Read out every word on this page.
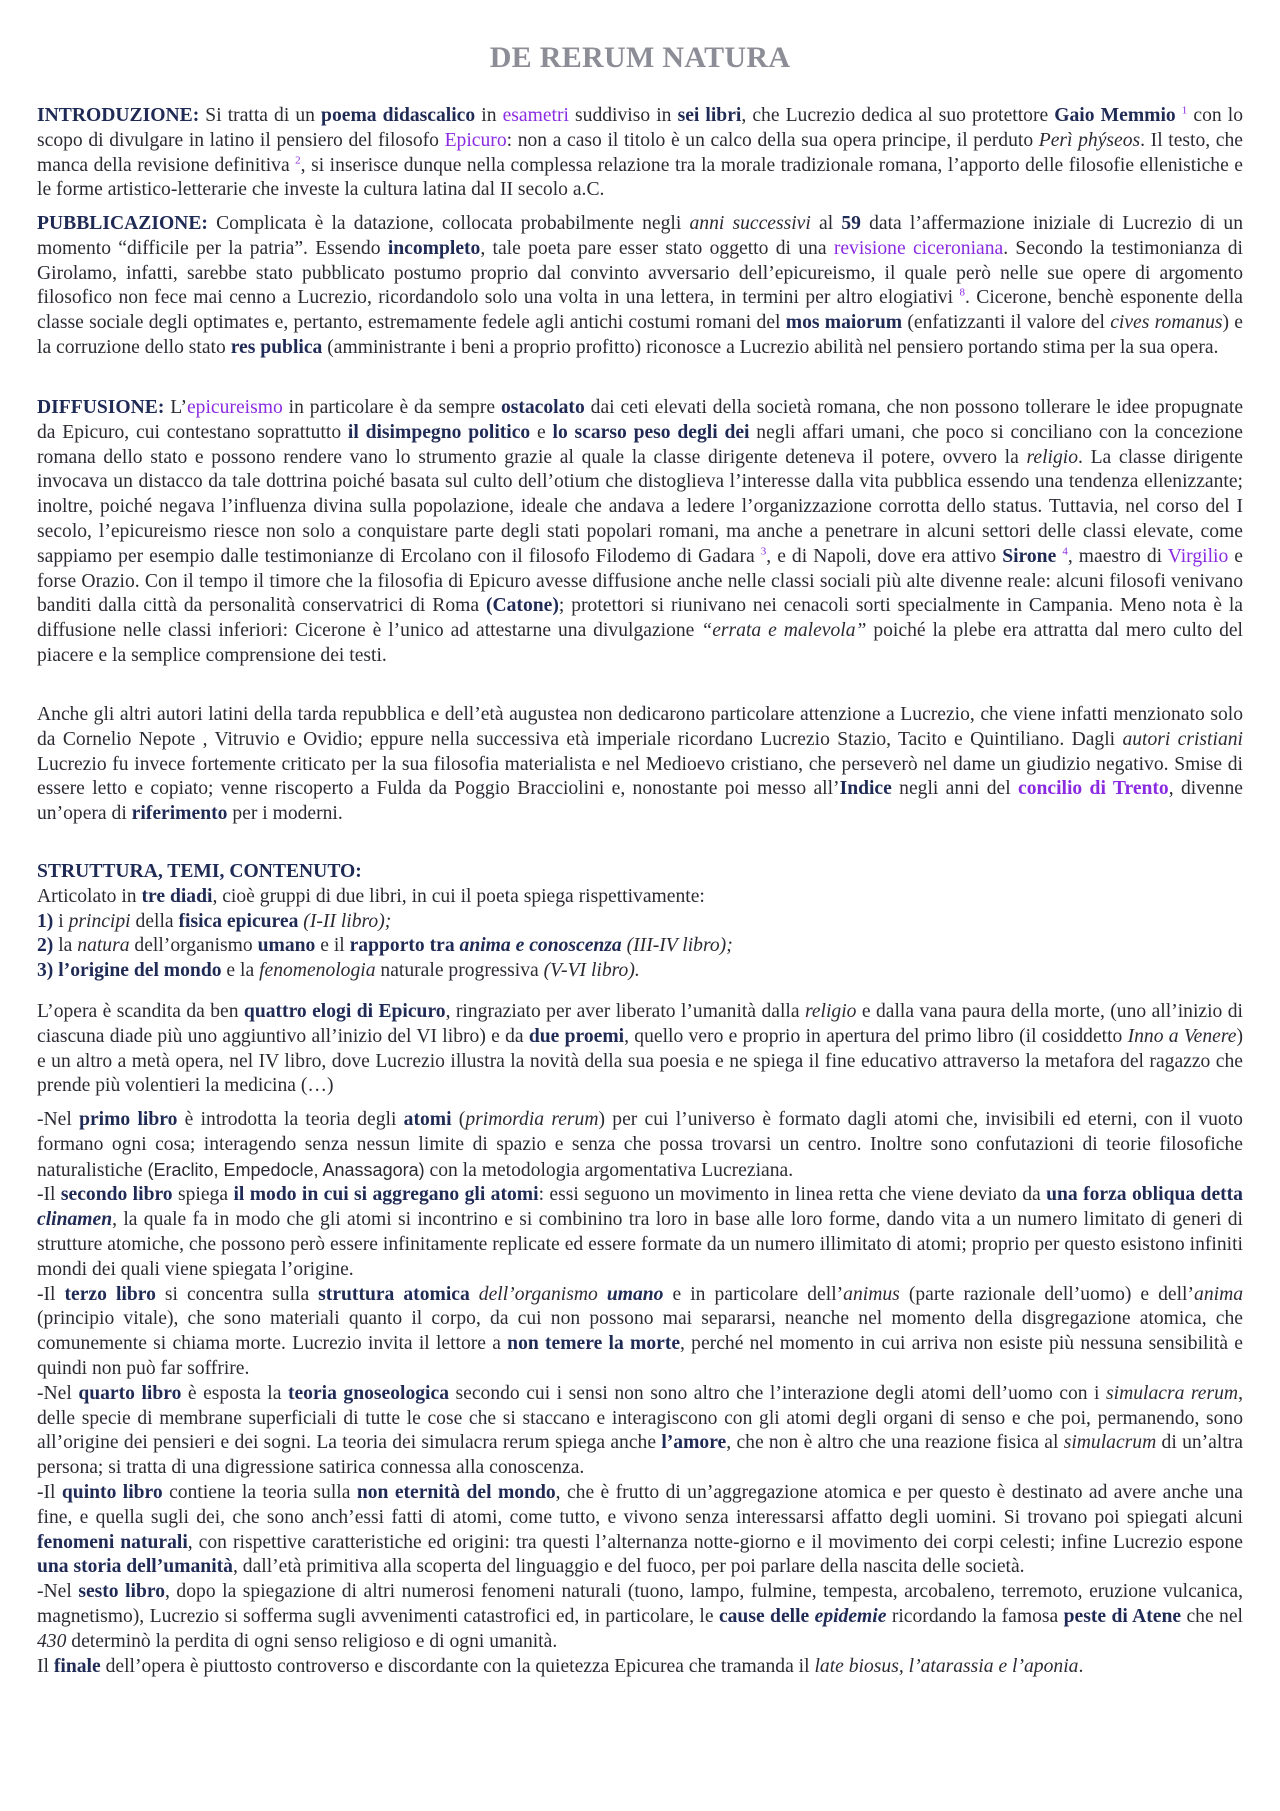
DE RERUM NATURA

INTRODUZIONE: Si tratta di un poema didascalico in esametri suddiviso in sei libri, che Lucrezio dedica al suo protettore Gaio Memmio $^1$ con lo scopo di divulgare in latino il pensiero del filosofo Epicuro: non a caso il titolo è un calco della sua opera principe, il perduto Perì phýseos. Il testo, che manca della revisione definitiva $^2$, si inserisce dunque nella complessa relazione tra la morale tradizionale romana, l’apporto delle filosofie ellenistiche e le forme artistico-letterarie che investe la cultura latina dal II secolo a.C.

PUBBLICAZIONE: Complicata è la datazione, collocata probabilmente negli anni successivi al 59 data l’affermazione iniziale di Lucrezio di un momento “difficile per la patria”. Essendo incompleto, tale poeta pare esser stato oggetto di una revisione ciceroniana. Secondo la testimonianza di Girolamo, infatti, sarebbe stato pubblicato postumo proprio dal convinto avversario dell’epicureismo, il quale però nelle sue opere di argomento filosofico non fece mai cenno a Lucrezio, ricordandolo solo una volta in una lettera, in termini per altro elogiativi $^8$. Cicerone, benchè esponente della classe sociale degli optimates e, pertanto, estremamente fedele agli antichi costumi romani del mos maiorum (enfatizzanti il valore del cives romanus) e la corruzione dello stato res publica (amministrante i beni a proprio profitto) riconosce a Lucrezio abilità nel pensiero portando stima per la sua opera.

DIFFUSIONE: L’epicureismo in particolare è da sempre ostacolato dai ceti elevati della società romana, che non possono tollerare le idee propugnate da Epicuro, cui contestano soprattutto il disimpegno politico e lo scarso peso degli dei negli affari umani, che poco si conciliano con la concezione romana dello stato e possono rendere vano lo strumento grazie al quale la classe dirigente deteneva il potere, ovvero la religio. La classe dirigente invocava un distacco da tale dottrina poiché basata sul culto dell’otium che distoglieva l’interesse dalla vita pubblica essendo una tendenza ellenizzante; inoltre, poiché negava l’influenza divina sulla popolazione, ideale che andava a ledere l’organizzazione corrotta dello status. Tuttavia, nel corso del I secolo, l’epicureismo riesce non solo a conquistare parte degli stati popolari romani, ma anche a penetrare in alcuni settori delle classi elevate, come sappiamo per esempio dalle testimonianze di Ercolano con il filosofo Filodemo di Gadara $^3$, e di Napoli, dove era attivo Sirone $^4$, maestro di Virgilio e forse Orazio. Con il tempo il timore che la filosofia di Epicuro avesse diffusione anche nelle classi sociali più alte divenne reale: alcuni filosofi venivano banditi dalla città da personalità conservatrici di Roma (Catone); protettori si riunivano nei cenacoli sorti specialmente in Campania. Meno nota è la diffusione nelle classi inferiori: Cicerone è l’unico ad attestarne una divulgazione “errata e malevola” poiché la plebe era attratta dal mero culto del piacere e la semplice comprensione dei testi.

Anche gli altri autori latini della tarda repubblica e dell’età augustea non dedicarono particolare attenzione a Lucrezio, che viene infatti menzionato solo da Cornelio Nepote , Vitruvio e Ovidio; eppure nella successiva età imperiale ricordano Lucrezio Stazio, Tacito e Quintiliano. Dagli autori cristiani Lucrezio fu invece fortemente criticato per la sua filosofia materialista e nel Medioevo cristiano, che perseverò nel dame un giudizio negativo. Smise di essere letto e copiato; venne riscoperto a Fulda da Poggio Bracciolini e, nonostante poi messo all’Indice negli anni del concilio di Trento, divenne un’opera di riferimento per i moderni.

STRUTTURA, TEMI, CONTENUTO:
Articolato in tre diadi, cioè gruppi di due libri, in cui il poeta spiega rispettivamente:
1) i principi della fisica epicurea (I-II libro);
2) la natura dell’organismo umano e il rapporto tra anima e conoscenza (III-IV libro);
3) l’origine del mondo e la fenomenologia naturale progressiva (V-VI libro).

L’opera è scandita da ben quattro elogi di Epicuro, ringraziato per aver liberato l’umanità dalla religio e dalla vana paura della morte, (uno all’inizio di ciascuna diade più uno aggiuntivo all’inizio del VI libro) e da due proemi, quello vero e proprio in apertura del primo libro (il cosiddetto Inno a Venere) e un altro a metà opera, nel IV libro, dove Lucrezio illustra la novità della sua poesia e ne spiega il fine educativo attraverso la metafora del ragazzo che prende più volentieri la medicina (…)

-Nel primo libro è introdotta la teoria degli atomi (primordia rerum) per cui l’universo è formato dagli atomi che, invisibili ed eterni, con il vuoto formano ogni cosa; interagendo senza nessun limite di spazio e senza che possa trovarsi un centro. Inoltre sono confutazioni di teorie filosofiche naturalistiche (Eraclito, Empedocle, Anassagora) con la metodologia argomentativa Lucreziana.

-Il secondo libro spiega il modo in cui si aggregano gli atomi: essi seguono un movimento in linea retta che viene deviato da una forza obliqua detta clinamen, la quale fa in modo che gli atomi si incontrino e si combinino tra loro in base alle loro forme, dando vita a un numero limitato di generi di strutture atomiche, che possono però essere infinitamente replicate ed essere formate da un numero illimitato di atomi; proprio per questo esistono infiniti mondi dei quali viene spiegata l’origine.

-Il terzo libro si concentra sulla struttura atomica dell’organismo umano e in particolare dell’animus (parte razionale dell’uomo) e dell’anima (principio vitale), che sono materiali quanto il corpo, da cui non possono mai separarsi, neanche nel momento della disgregazione atomica, che comunemente si chiama morte. Lucrezio invita il lettore a non temere la morte, perché nel momento in cui arriva non esiste più nessuna sensibilità e quindi non può far soffrire.

-Nel quarto libro è esposta la teoria gnoseologica secondo cui i sensi non sono altro che l’interazione degli atomi dell’uomo con i simulacra rerum, delle specie di membrane superficiali di tutte le cose che si staccano e interagiscono con gli atomi degli organi di senso e che poi, permanendo, sono all’origine dei pensieri e dei sogni. La teoria dei simulacra rerum spiega anche l’amore, che non è altro che una reazione fisica al simulacrum di un’altra persona; si tratta di una digressione satirica connessa alla conoscenza.

-Il quinto libro contiene la teoria sulla non eternità del mondo, che è frutto di un’aggregazione atomica e per questo è destinato ad avere anche una fine, e quella sugli dei, che sono anch’essi fatti di atomi, come tutto, e vivono senza interessarsi affatto degli uomini. Si trovano poi spiegati alcuni fenomeni naturali, con rispettive caratteristiche ed origini: tra questi l’alternanza notte-giorno e il movimento dei corpi celesti; infine Lucrezio espone una storia dell’umanità, dall’età primitiva alla scoperta del linguaggio e del fuoco, per poi parlare della nascita delle società.

-Nel sesto libro, dopo la spiegazione di altri numerosi fenomeni naturali (tuono, lampo, fulmine, tempesta, arcobaleno, terremoto, eruzione vulcanica, magnetismo), Lucrezio si sofferma sugli avvenimenti catastrofici ed, in particolare, le cause delle epidemie ricordando la famosa peste di Atene che nel 430 determinò la perdita di ogni senso religioso e di ogni umanità.

Il finale dell’opera è piuttosto controverso e discordante con la quietezza Epicurea che tramanda il late biosus, l’atarassia e l’aponia.
